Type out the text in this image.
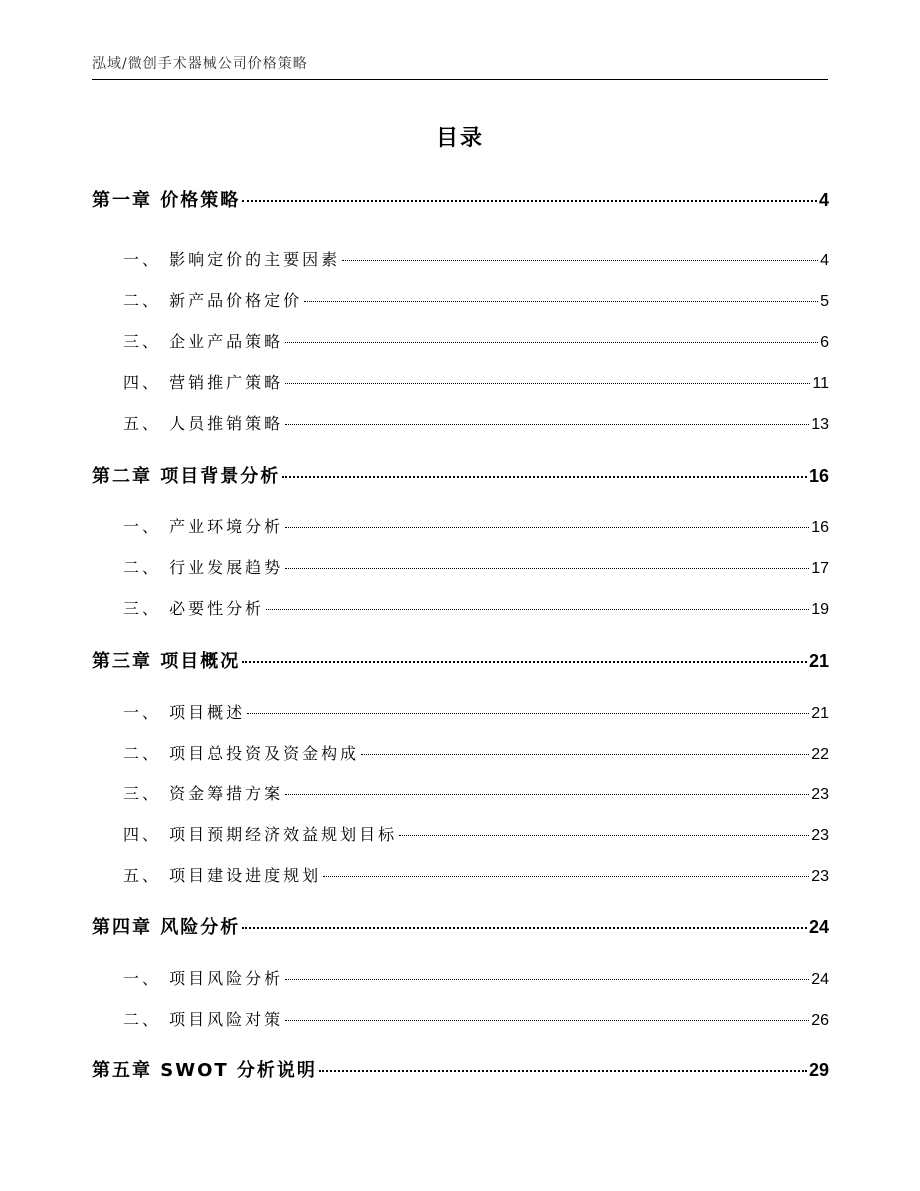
泓域/微创手术器械公司价格策略
目录
第一章 价格策略	4
一、 影响定价的主要因素	4
二、 新产品价格定价	5
三、 企业产品策略	6
四、 营销推广策略	11
五、 人员推销策略	13
第二章 项目背景分析	16
一、 产业环境分析	16
二、 行业发展趋势	17
三、 必要性分析	19
第三章 项目概况	21
一、 项目概述	21
二、 项目总投资及资金构成	22
三、 资金筹措方案	23
四、 项目预期经济效益规划目标	23
五、 项目建设进度规划	23
第四章 风险分析	24
一、 项目风险分析	24
二、 项目风险对策	26
第五章 SWOT 分析说明	29
